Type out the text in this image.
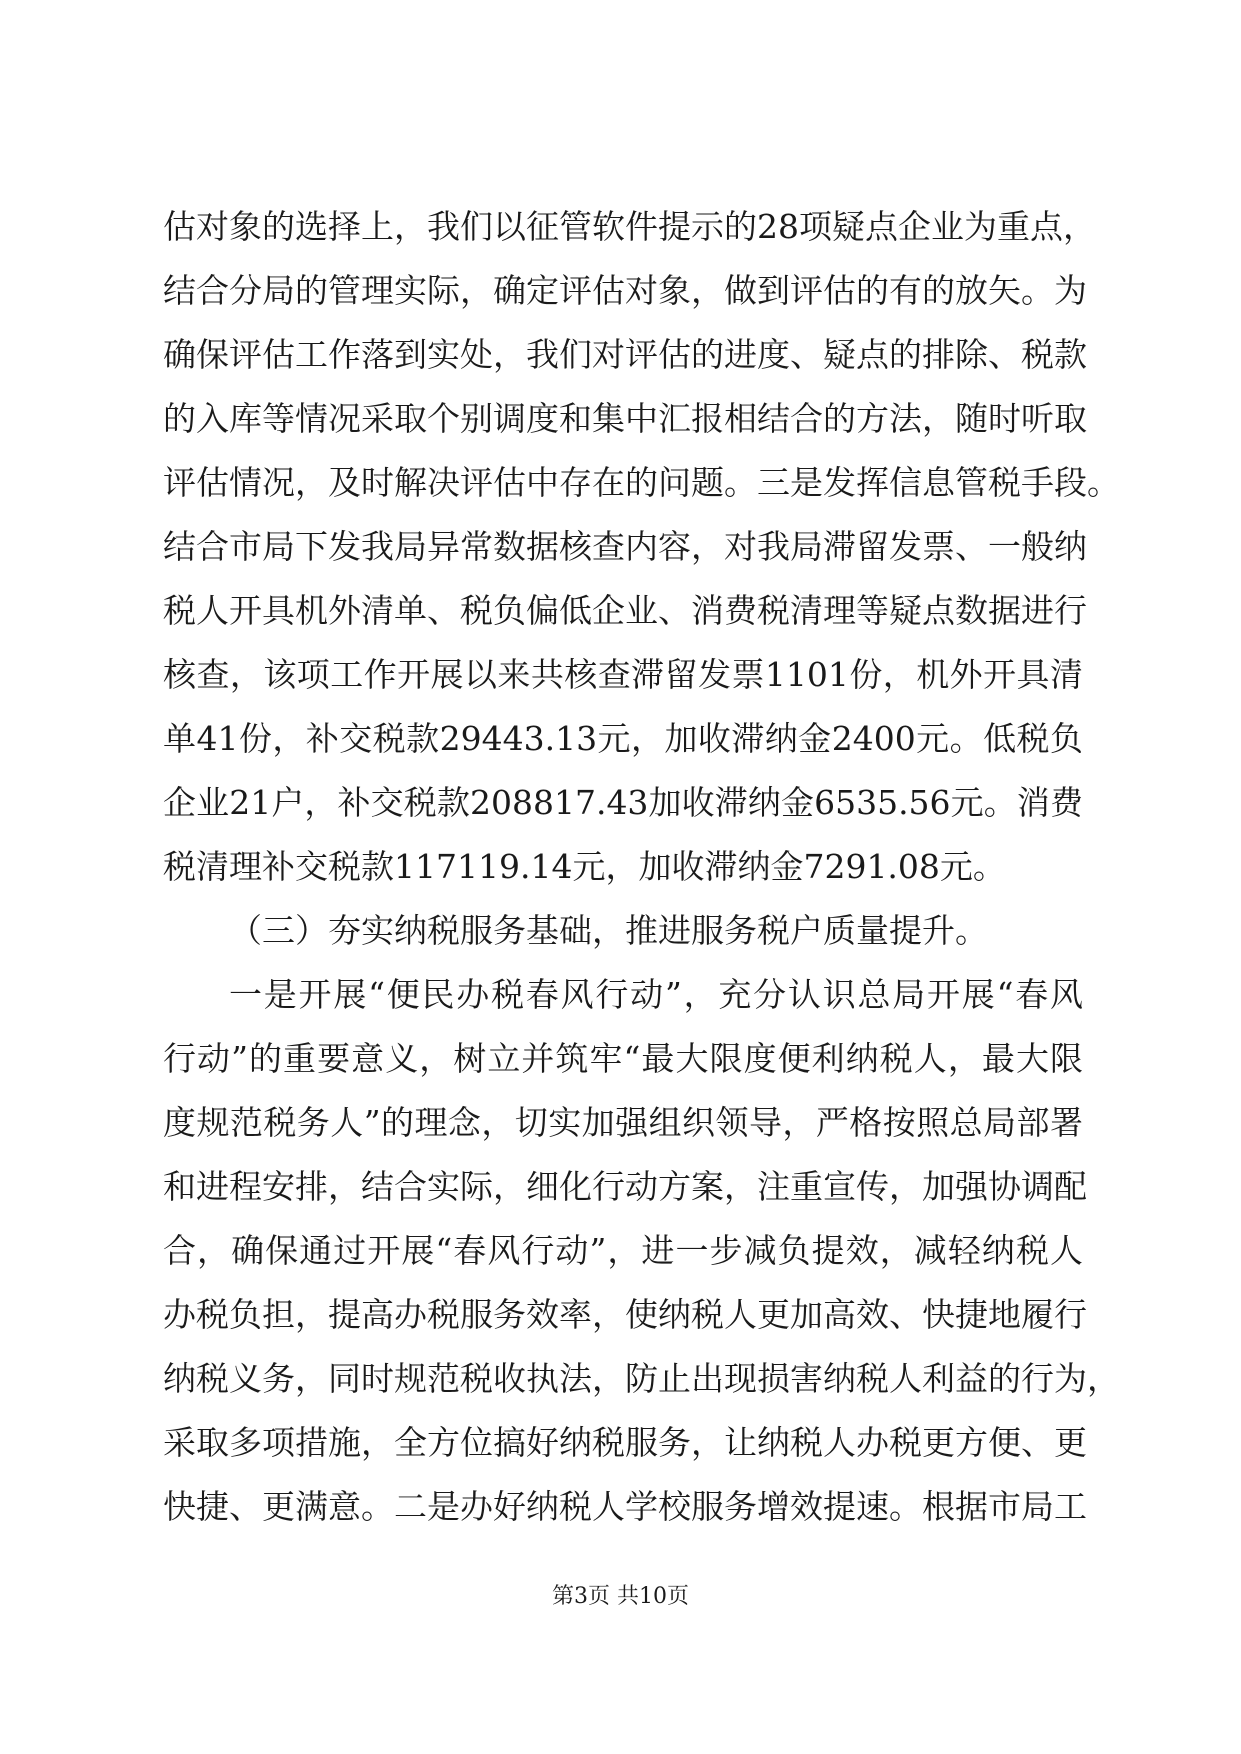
估对象的选择上，我们以征管软件提示的28项疑点企业为重点，
结合分局的管理实际，确定评估对象，做到评估的有的放矢。为
确保评估工作落到实处，我们对评估的进度、疑点的排除、税款
的入库等情况采取个别调度和集中汇报相结合的方法，随时听取
评估情况，及时解决评估中存在的问题。三是发挥信息管税手段。
结合市局下发我局异常数据核查内容，对我局滞留发票、一般纳
税人开具机外清单、税负偏低企业、消费税清理等疑点数据进行
核查，该项工作开展以来共核查滞留发票1101份，机外开具清
单41份，补交税款29443.13元，加收滞纳金2400元。低税负
企业21户，补交税款208817.43加收滞纳金6535.56元。消费
税清理补交税款117119.14元，加收滞纳金7291.08元。
（三）夯实纳税服务基础，推进服务税户质量提升。
一是开展“便民办税春风行动”，充分认识总局开展“春风
行动”的重要意义，树立并筑牢“最大限度便利纳税人，最大限
度规范税务人”的理念，切实加强组织领导，严格按照总局部署
和进程安排，结合实际，细化行动方案，注重宣传，加强协调配
合，确保通过开展“春风行动”，进一步减负提效，减轻纳税人
办税负担，提高办税服务效率，使纳税人更加高效、快捷地履行
纳税义务，同时规范税收执法，防止出现损害纳税人利益的行为，
采取多项措施，全方位搞好纳税服务，让纳税人办税更方便、更
快捷、更满意。二是办好纳税人学校服务增效提速。根据市局工
第3页 共10页
